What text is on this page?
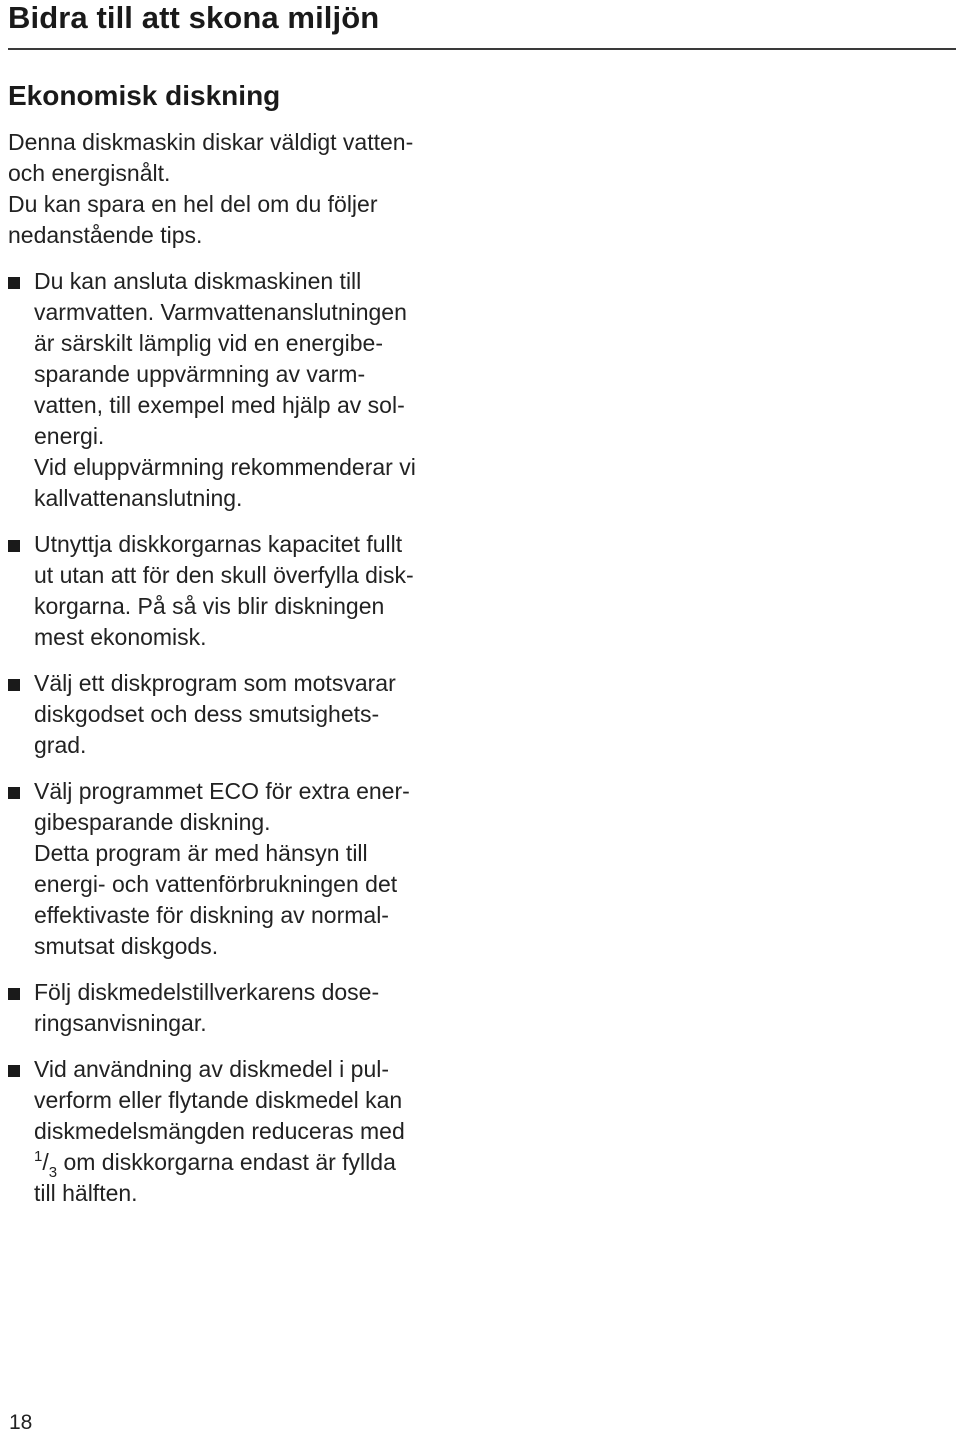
Bidra till att skona miljön
Ekonomisk diskning
Denna diskmaskin diskar väldigt vatten-
och energisnålt.
Du kan spara en hel del om du följer
nedanstående tips.
Du kan ansluta diskmaskinen till
varmvatten. Varmvattenanslutningen
är särskilt lämplig vid en energibe-
sparande uppvärmning av varm-
vatten, till exempel med hjälp av sol-
energi.
Vid eluppvärmning rekommenderar vi
kallvattenanslutning.
Utnyttja diskkorgarnas kapacitet fullt
ut utan att för den skull överfylla disk-
korgarna. På så vis blir diskningen
mest ekonomisk.
Välj ett diskprogram som motsvarar
diskgodset och dess smutsighets-
grad.
Välj programmet ECO för extra ener-
gibesparande diskning.
Detta program är med hänsyn till
energi- och vattenförbrukningen det
effektivaste för diskning av normal-
smutsat diskgods.
Följ diskmedelstillverkarens dose-
ringsanvisningar.
Vid användning av diskmedel i pul-
verform eller flytande diskmedel kan
diskmedelsmängden reduceras med
$^1/_3$ om diskkorgarna endast är fyllda
till hälften.
18
